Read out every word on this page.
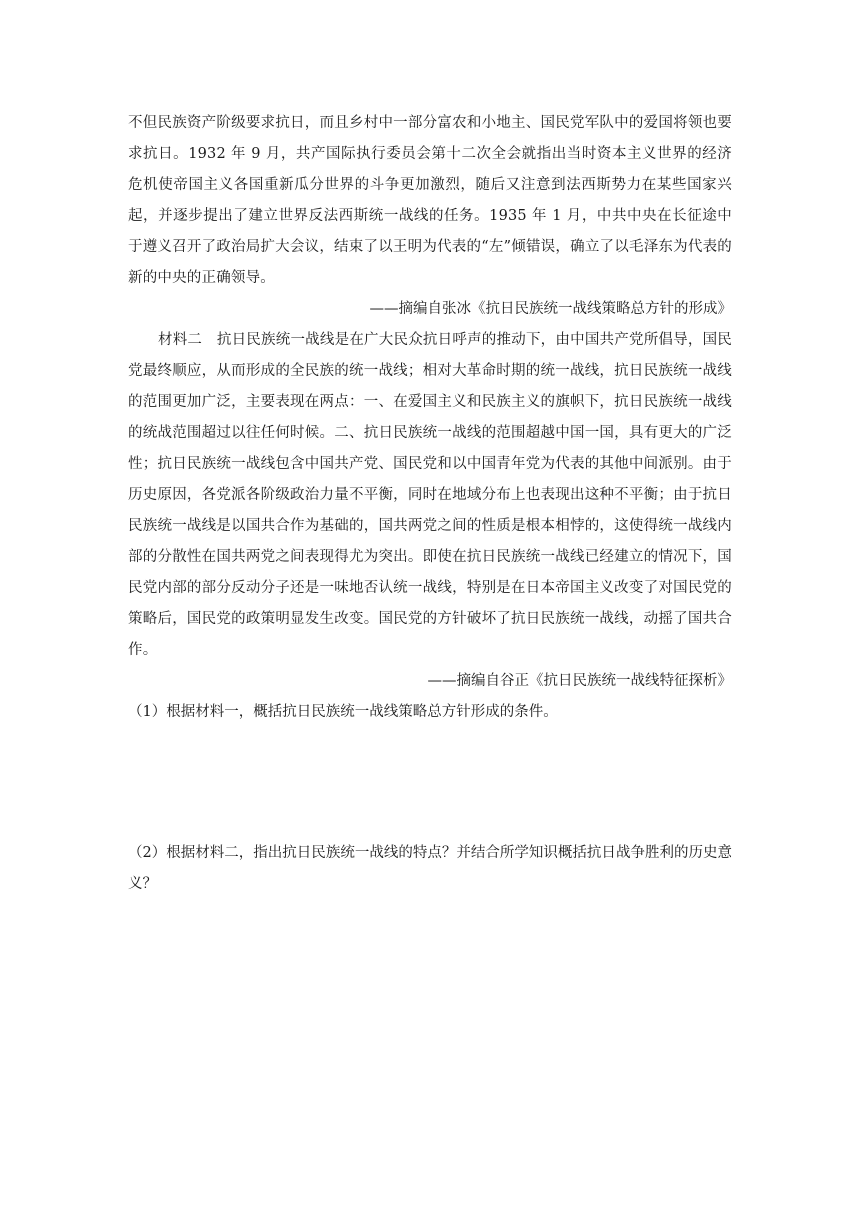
不但民族资产阶级要求抗日，而且乡村中一部分富农和小地主、国民党军队中的爱国将领也要求抗日。1932 年 9 月，共产国际执行委员会第十二次全会就指出当时资本主义世界的经济危机使帝国主义各国重新瓜分世界的斗争更加激烈，随后又注意到法西斯势力在某些国家兴起，并逐步提出了建立世界反法西斯统一战线的任务。1935 年 1 月，中共中央在长征途中于遵义召开了政治局扩大会议，结束了以王明为代表的“左”倾错误，确立了以毛泽东为代表的新的中央的正确领导。

——摘编自张冰《抗日民族统一战线策略总方针的形成》

材料二　抗日民族统一战线是在广大民众抗日呼声的推动下，由中国共产党所倡导，国民党最终顺应，从而形成的全民族的统一战线；相对大革命时期的统一战线，抗日民族统一战线的范围更加广泛，主要表现在两点：一、在爱国主义和民族主义的旗帜下，抗日民族统一战线的统战范围超过以往任何时候。二、抗日民族统一战线的范围超越中国一国，具有更大的广泛性；抗日民族统一战线包含中国共产党、国民党和以中国青年党为代表的其他中间派别。由于历史原因，各党派各阶级政治力量不平衡，同时在地域分布上也表现出这种不平衡；由于抗日民族统一战线是以国共合作为基础的，国共两党之间的性质是根本相悖的，这使得统一战线内部的分散性在国共两党之间表现得尤为突出。即使在抗日民族统一战线已经建立的情况下，国民党内部的部分反动分子还是一味地否认统一战线，特别是在日本帝国主义改变了对国民党的策略后，国民党的政策明显发生改变。国民党的方针破坏了抗日民族统一战线，动摇了国共合作。

——摘编自谷正《抗日民族统一战线特征探析》

（1）根据材料一，概括抗日民族统一战线策略总方针形成的条件。

（2）根据材料二，指出抗日民族统一战线的特点？并结合所学知识概括抗日战争胜利的历史意义？
